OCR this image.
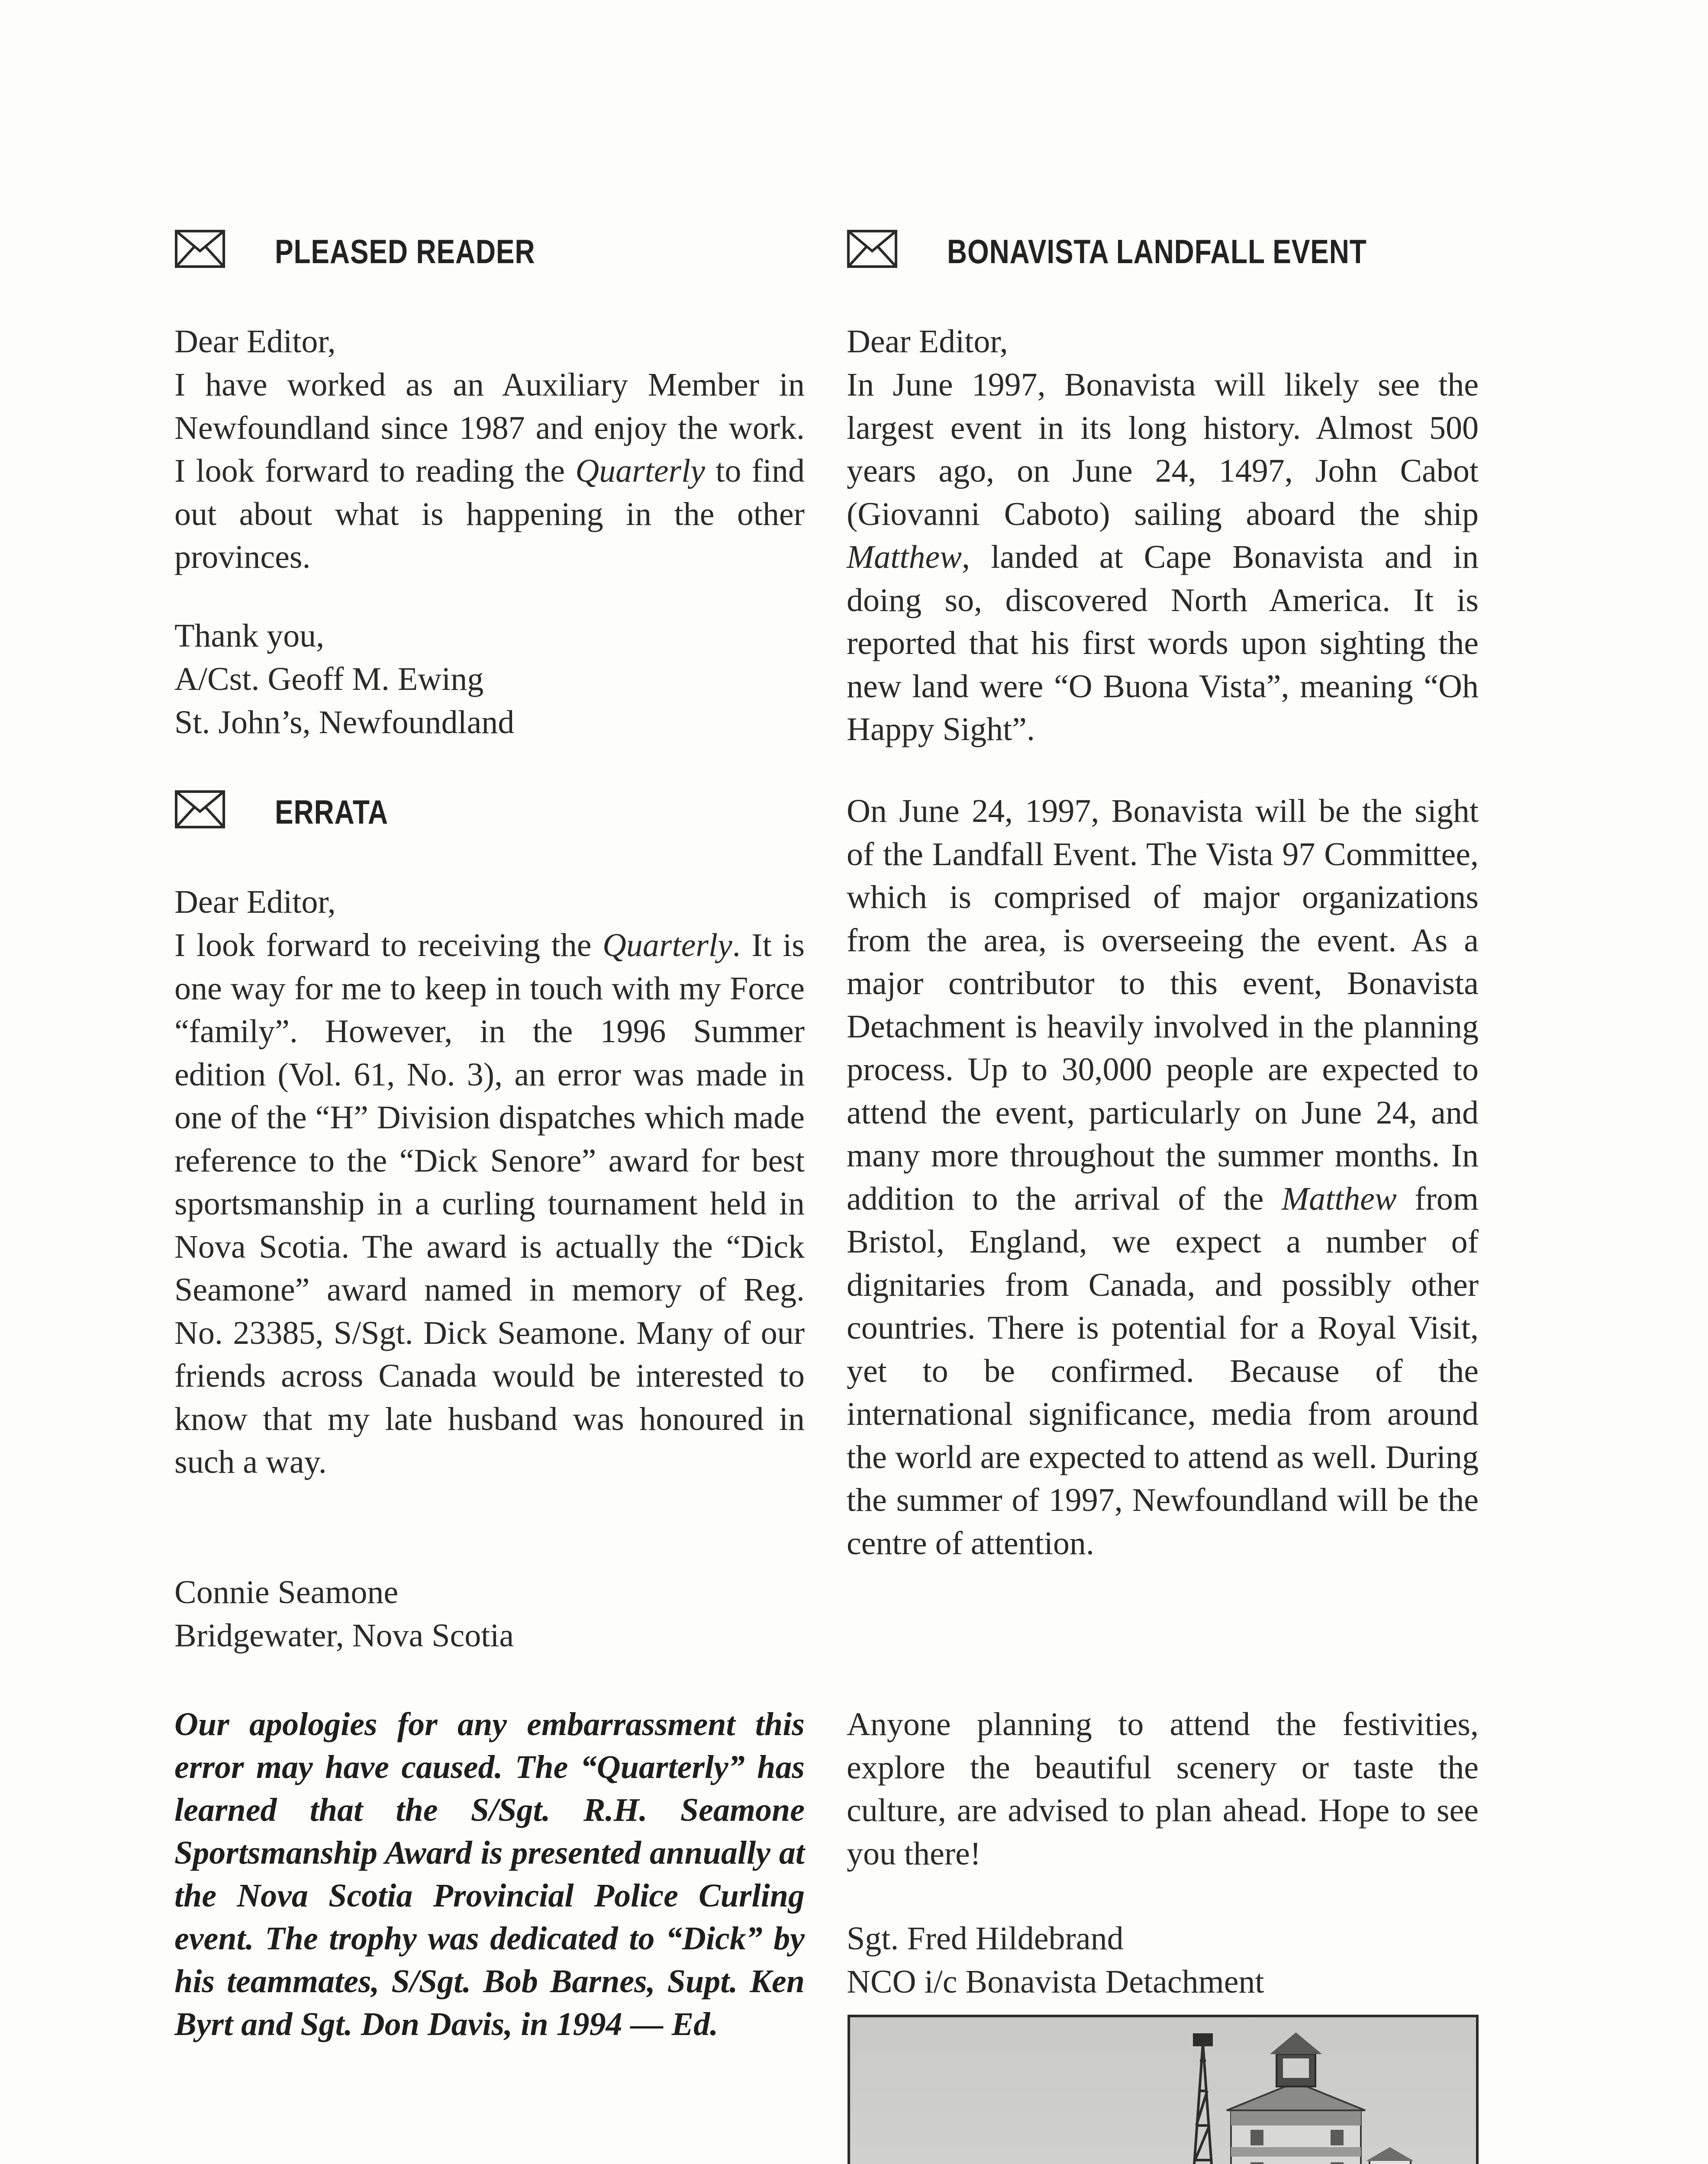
PLEASED READER

Dear Editor,

I have worked as an Auxiliary Member in Newfoundland since 1987 and enjoy the work. I look forward to reading the Quarterly to find out about what is happening in the other provinces.

Thank you,

A/Cst. Geoff M. Ewing

St. John’s, Newfoundland

ERRATA

Dear Editor,

I look forward to receiving the Quarterly. It is one way for me to keep in touch with my Force “family”. However, in the 1996 Summer edition (Vol. 61, No. 3), an error was made in one of the “H” Division dispatches which made reference to the “Dick Senore” award for best sportsmanship in a curling tournament held in Nova Scotia. The award is actually the “Dick Seamone” award named in memory of Reg. No. 23385, S/Sgt. Dick Seamone. Many of our friends across Canada would be interested to know that my late husband was honoured in such a way.

Connie Seamone

Bridgewater, Nova Scotia

Our apologies for any embarrassment this error may have caused. The “Quarterly” has learned that the S/Sgt. R.H. Seamone Sportsmanship Award is presented annually at the Nova Scotia Provincial Police Curling event. The trophy was dedicated to “Dick” by his teammates, S/Sgt. Bob Barnes, Supt. Ken Byrt and Sgt. Don Davis, in 1994 — Ed.

BONAVISTA LANDFALL EVENT

Dear Editor,

In June 1997, Bonavista will likely see the largest event in its long history. Almost 500 years ago, on June 24, 1497, John Cabot (Giovanni Caboto) sailing aboard the ship Matthew, landed at Cape Bonavista and in doing so, discovered North America. It is reported that his first words upon sighting the new land were “O Buona Vista”, meaning “Oh Happy Sight”.

On June 24, 1997, Bonavista will be the sight of the Landfall Event. The Vista 97 Committee, which is comprised of major organizations from the area, is overseeing the event. As a major contributor to this event, Bonavista Detachment is heavily involved in the planning process. Up to 30,000 people are expected to attend the event, particularly on June 24, and many more throughout the summer months. In addition to the arrival of the Matthew from Bristol, England, we expect a number of dignitaries from Canada, and possibly other countries. There is potential for a Royal Visit, yet to be confirmed. Because of the international significance, media from around the world are expected to attend as well. During the summer of 1997, Newfoundland will be the centre of attention.

Anyone planning to attend the festivities, explore the beautiful scenery or taste the culture, are advised to plan ahead. Hope to see you there!

Sgt. Fred Hildebrand

NCO i/c Bonavista Detachment
